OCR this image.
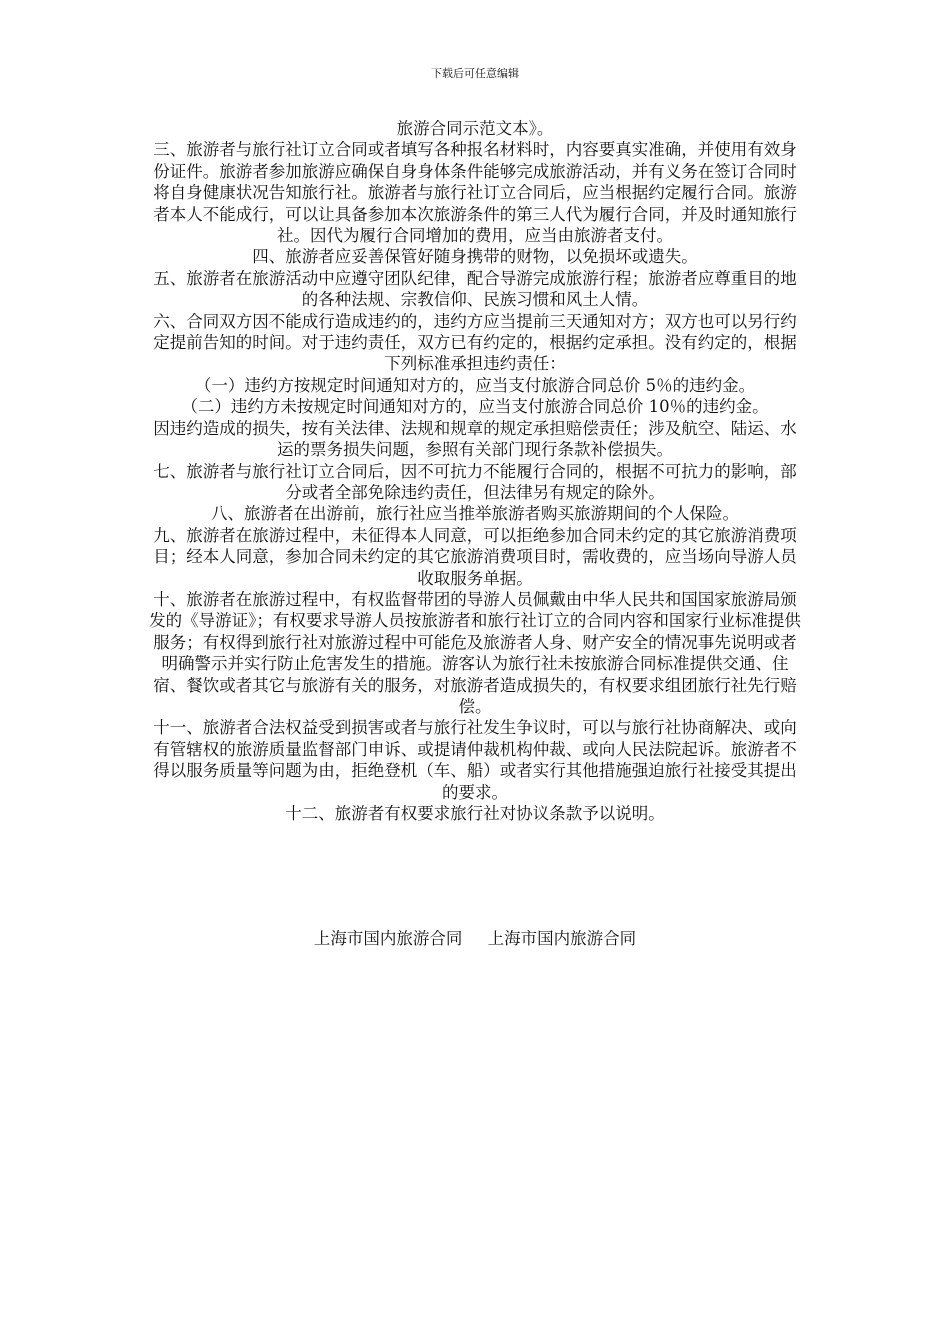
下载后可任意编辑

旅游合同示范文本》。

三、旅游者与旅行社订立合同或者填写各种报名材料时，内容要真实准确，并使用有效身份证件。旅游者参加旅游应确保自身身体条件能够完成旅游活动，并有义务在签订合同时将自身健康状况告知旅行社。旅游者与旅行社订立合同后，应当根据约定履行合同。旅游者本人不能成行，可以让具备参加本次旅游条件的第三人代为履行合同，并及时通知旅行社。因代为履行合同增加的费用，应当由旅游者支付。

四、旅游者应妥善保管好随身携带的财物，以免损坏或遗失。

五、旅游者在旅游活动中应遵守团队纪律，配合导游完成旅游行程；旅游者应尊重目的地的各种法规、宗教信仰、民族习惯和风土人情。

六、合同双方因不能成行造成违约的，违约方应当提前三天通知对方；双方也可以另行约定提前告知的时间。对于违约责任，双方已有约定的，根据约定承担。没有约定的，根据下列标准承担违约责任：

（一）违约方按规定时间通知对方的，应当支付旅游合同总价 5％的违约金。

（二）违约方未按规定时间通知对方的，应当支付旅游合同总价 10％的违约金。

因违约造成的损失，按有关法律、法规和规章的规定承担赔偿责任；涉及航空、陆运、水运的票务损失问题，参照有关部门现行条款补偿损失。

七、旅游者与旅行社订立合同后，因不可抗力不能履行合同的，根据不可抗力的影响，部分或者全部免除违约责任，但法律另有规定的除外。

八、旅游者在出游前，旅行社应当推举旅游者购买旅游期间的个人保险。

九、旅游者在旅游过程中，未征得本人同意，可以拒绝参加合同未约定的其它旅游消费项目；经本人同意，参加合同未约定的其它旅游消费项目时，需收费的，应当场向导游人员收取服务单据。

十、旅游者在旅游过程中，有权监督带团的导游人员佩戴由中华人民共和国国家旅游局颁发的《导游证》；有权要求导游人员按旅游者和旅行社订立的合同内容和国家行业标准提供服务；有权得到旅行社对旅游过程中可能危及旅游者人身、财产安全的情况事先说明或者明确警示并实行防止危害发生的措施。游客认为旅行社未按旅游合同标准提供交通、住宿、餐饮或者其它与旅游有关的服务，对旅游者造成损失的，有权要求组团旅行社先行赔偿。

十一、旅游者合法权益受到损害或者与旅行社发生争议时，可以与旅行社协商解决、或向有管辖权的旅游质量监督部门申诉、或提请仲裁机构仲裁、或向人民法院起诉。旅游者不得以服务质量等问题为由，拒绝登机（车、船）或者实行其他措施强迫旅行社接受其提出的要求。

十二、旅游者有权要求旅行社对协议条款予以说明。

上海市国内旅游合同 上海市国内旅游合同
